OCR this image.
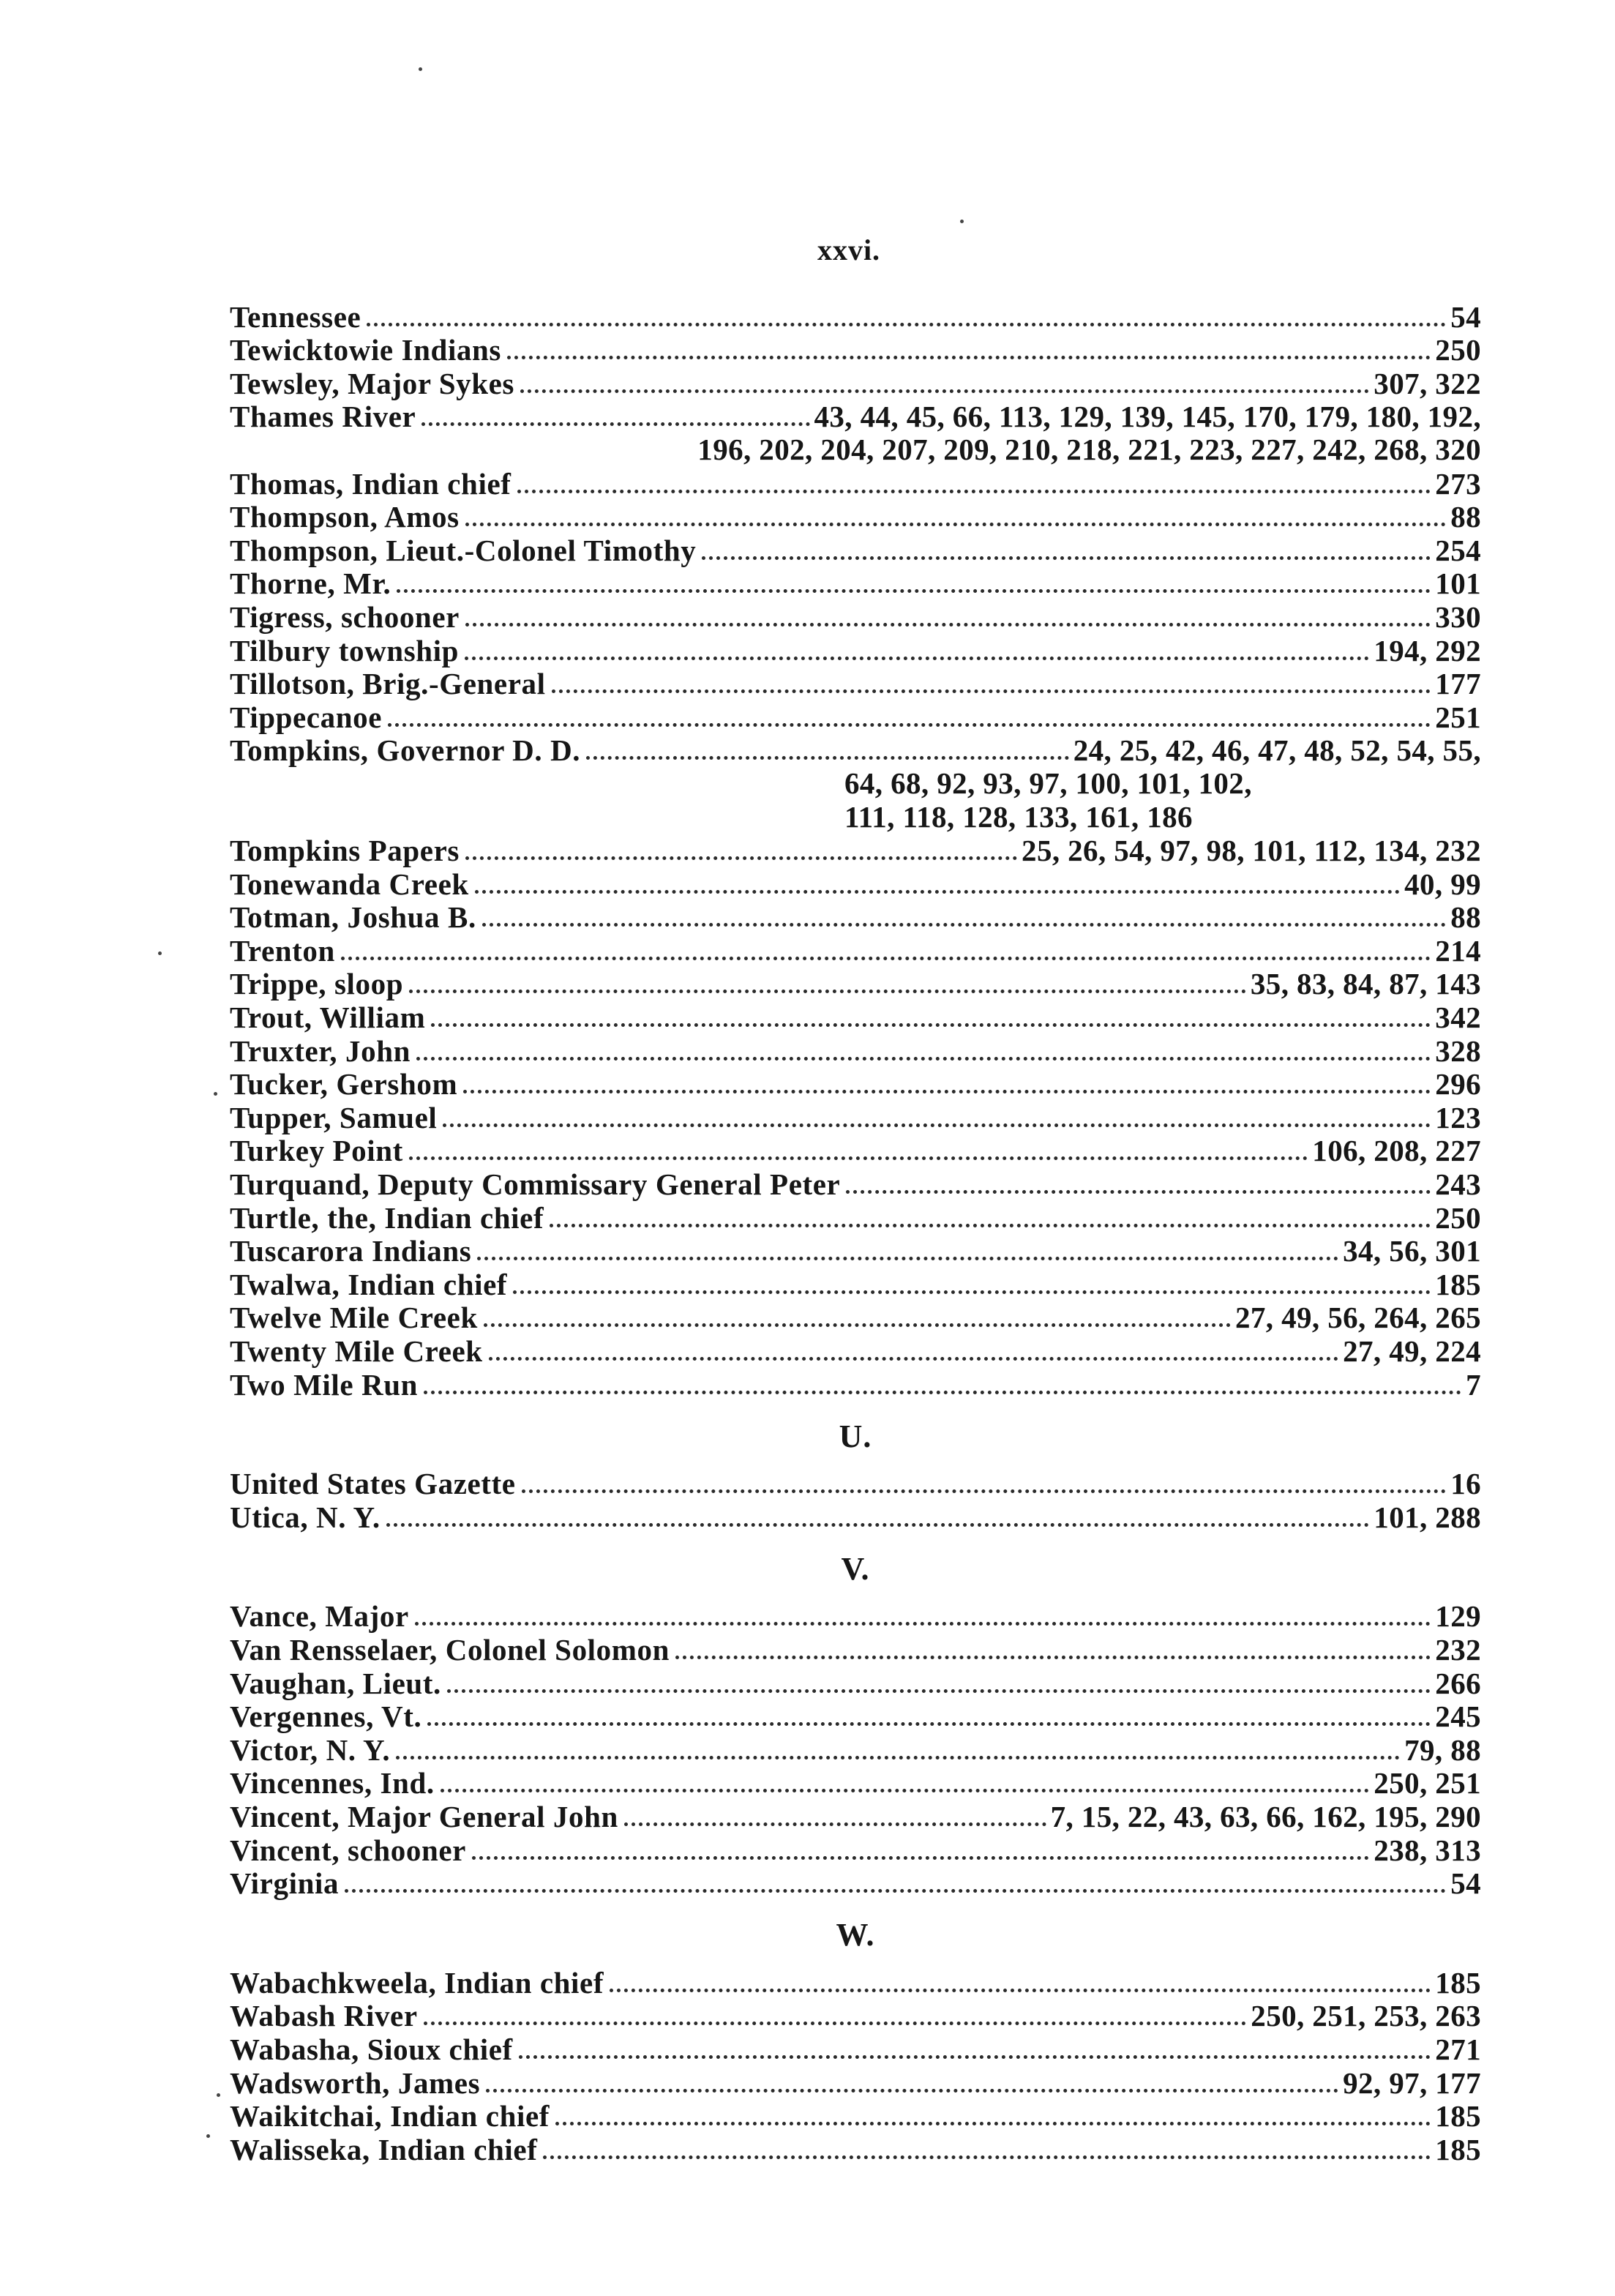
xxvi.
Tennessee	54
Tewicktowie Indians	250
Tewsley, Major Sykes	307, 322
Thames River	43, 44, 45, 66, 113, 129, 139, 145, 170, 179, 180, 192,
196, 202, 204, 207, 209, 210, 218, 221, 223, 227, 242, 268, 320
Thomas, Indian chief	273
Thompson, Amos	88
Thompson, Lieut.-Colonel Timothy	254
Thorne, Mr.	101
Tigress, schooner	330
Tilbury township	194, 292
Tillotson, Brig.-General	177
Tippecanoe	251
Tompkins, Governor D. D.	24, 25, 42, 46, 47, 48, 52, 54, 55,
64, 68, 92, 93, 97, 100, 101, 102,
111, 118, 128, 133, 161, 186
Tompkins Papers	25, 26, 54, 97, 98, 101, 112, 134, 232
Tonewanda Creek	40, 99
Totman, Joshua B.	88
Trenton	214
Trippe, sloop	35, 83, 84, 87, 143
Trout, William	342
Truxter, John	328
Tucker, Gershom	296
Tupper, Samuel	123
Turkey Point	106, 208, 227
Turquand, Deputy Commissary General Peter	243
Turtle, the, Indian chief	250
Tuscarora Indians	34, 56, 301
Twalwa, Indian chief	185
Twelve Mile Creek	27, 49, 56, 264, 265
Twenty Mile Creek	27, 49, 224
Two Mile Run	7
U.
United States Gazette	16
Utica, N. Y.	101, 288
V.
Vance, Major	129
Van Rensselaer, Colonel Solomon	232
Vaughan, Lieut.	266
Vergennes, Vt.	245
Victor, N. Y.	79, 88
Vincennes, Ind.	250, 251
Vincent, Major General John	7, 15, 22, 43, 63, 66, 162, 195, 290
Vincent, schooner	238, 313
Virginia	54
W.
Wabachkweela, Indian chief	185
Wabash River	250, 251, 253, 263
Wabasha, Sioux chief	271
Wadsworth, James	92, 97, 177
Waikitchai, Indian chief	185
Walisseka, Indian chief	185
